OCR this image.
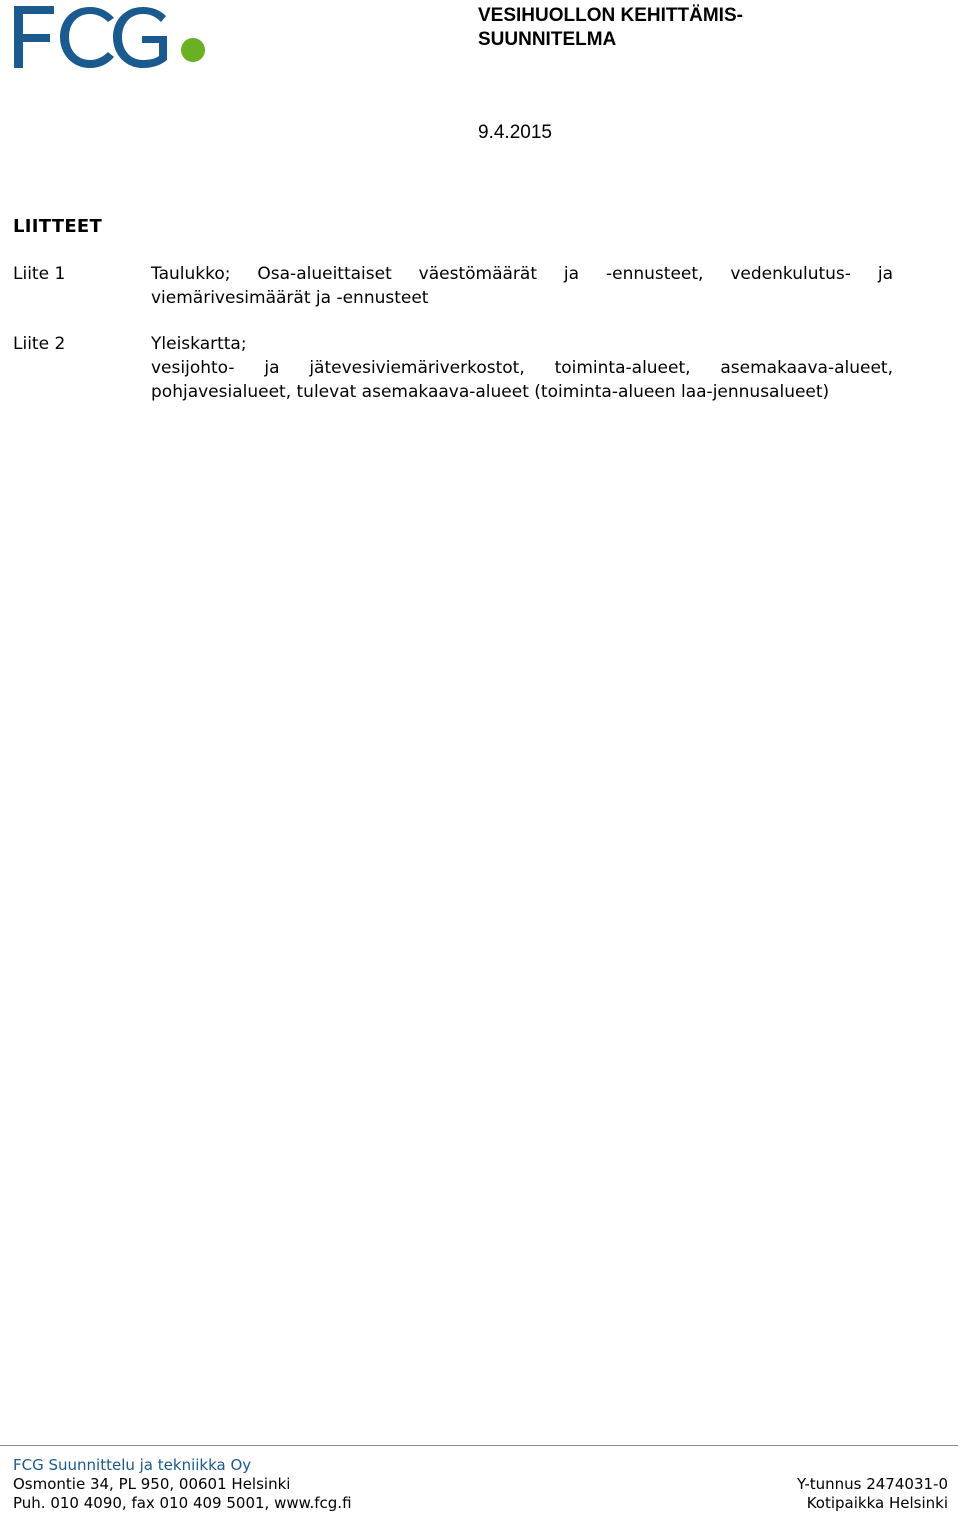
VESIHUOLLON KEHITTÄMIS-
SUUNNITELMA
9.4.2015
LIITTEET
Liite 1	Taulukko; Osa-alueittaiset väestömäärät ja -ennusteet, vedenkulutus- ja viemärivesimäärät ja -ennusteet
Liite 2	Yleiskartta;
vesijohto- ja jätevesiviemäriverkostot, toiminta-alueet, asemakaava-alueet, pohjavesialueet, tulevat asemakaava-alueet (toiminta-alueen laa-jennusalueet)
FCG Suunnittelu ja tekniikka Oy
Osmontie 34, PL 950, 00601 Helsinki	Y-tunnus 2474031-0
Puh. 010 4090, fax 010 409 5001, www.fcg.fi	Kotipaikka Helsinki
